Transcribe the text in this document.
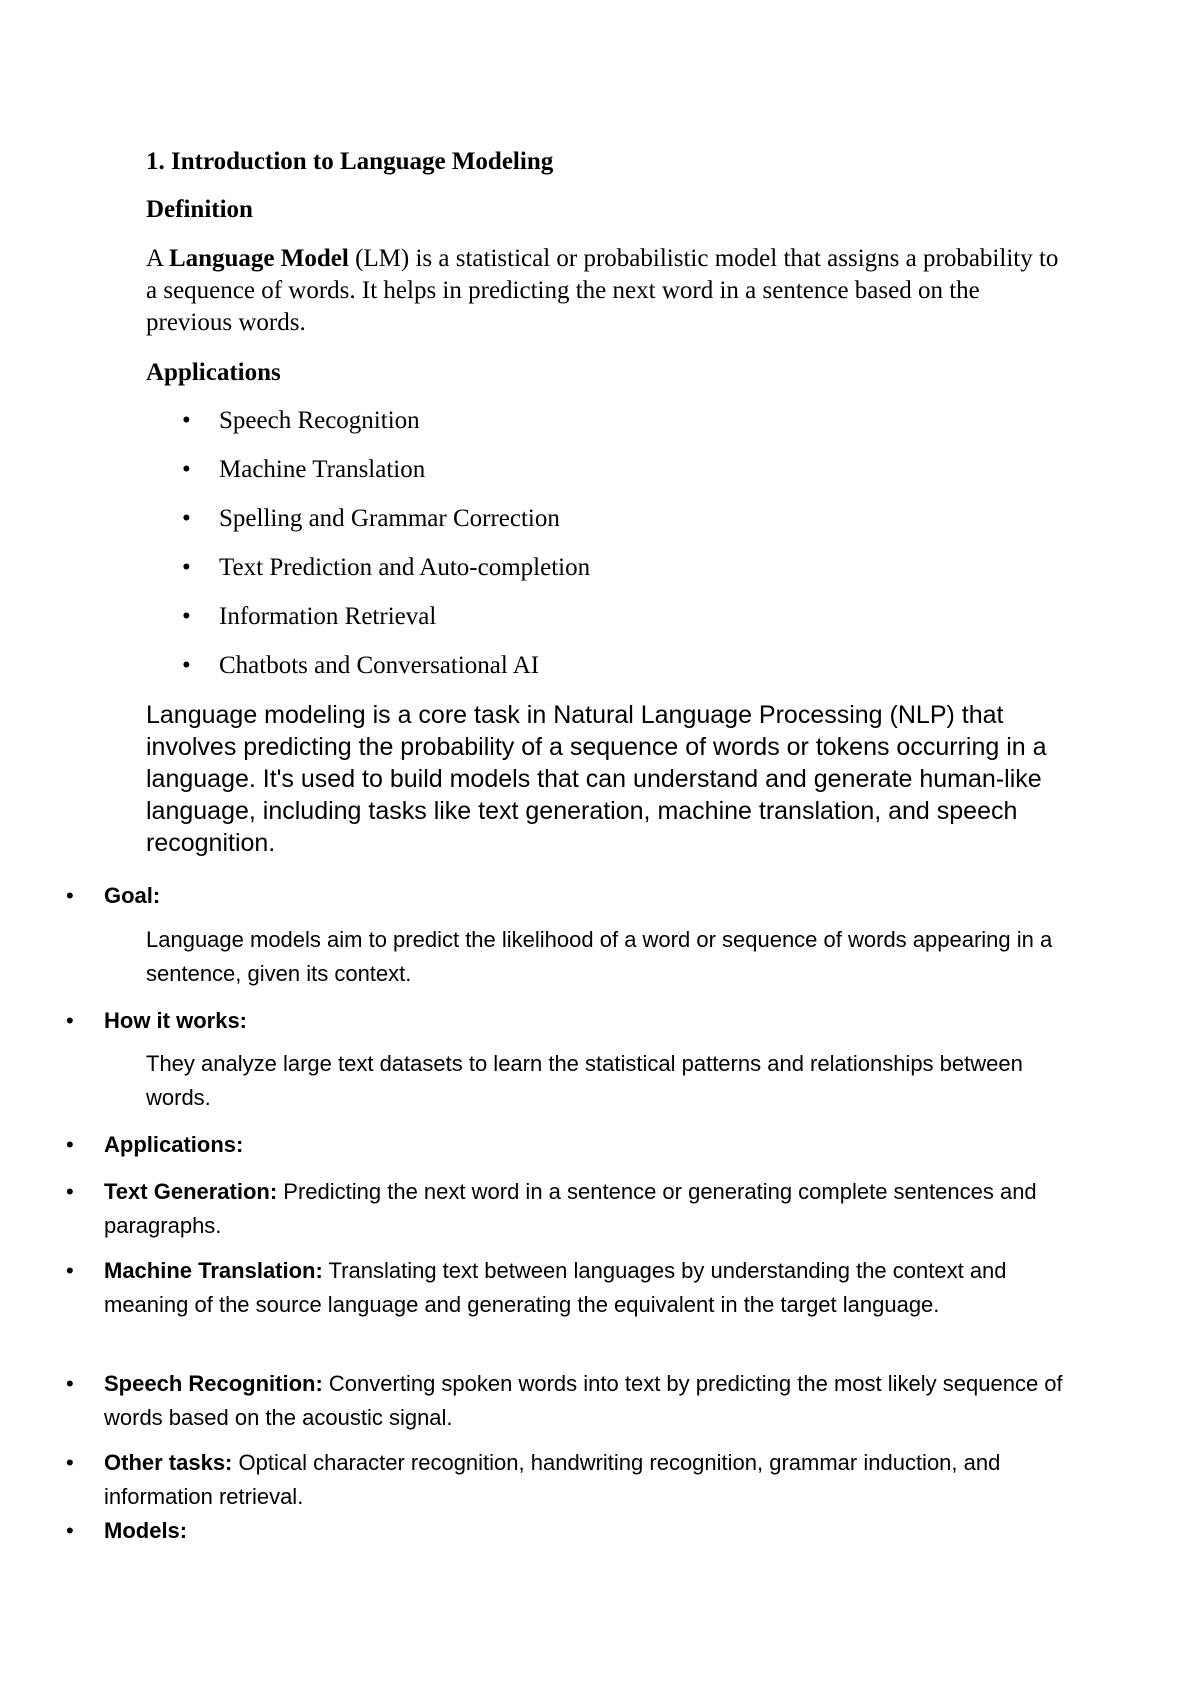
1. Introduction to Language Modeling
Definition

A Language Model (LM) is a statistical or probabilistic model that assigns a probability to a sequence of words. It helps in predicting the next word in a sentence based on the previous words.

Applications
• Speech Recognition
• Machine Translation
• Spelling and Grammar Correction
• Text Prediction and Auto-completion
• Information Retrieval
• Chatbots and Conversational AI

Language modeling is a core task in Natural Language Processing (NLP) that involves predicting the probability of a sequence of words or tokens occurring in a language. It's used to build models that can understand and generate human-like language, including tasks like text generation, machine translation, and speech recognition.

• Goal:

Language models aim to predict the likelihood of a word or sequence of words appearing in a sentence, given its context.

• How it works:

They analyze large text datasets to learn the statistical patterns and relationships between words.

• Applications:
• Text Generation: Predicting the next word in a sentence or generating complete sentences and paragraphs.
• Machine Translation: Translating text between languages by understanding the context and meaning of the source language and generating the equivalent in the target language.
• Speech Recognition: Converting spoken words into text by predicting the most likely sequence of words based on the acoustic signal.
• Other tasks: Optical character recognition, handwriting recognition, grammar induction, and information retrieval.
• Models:
